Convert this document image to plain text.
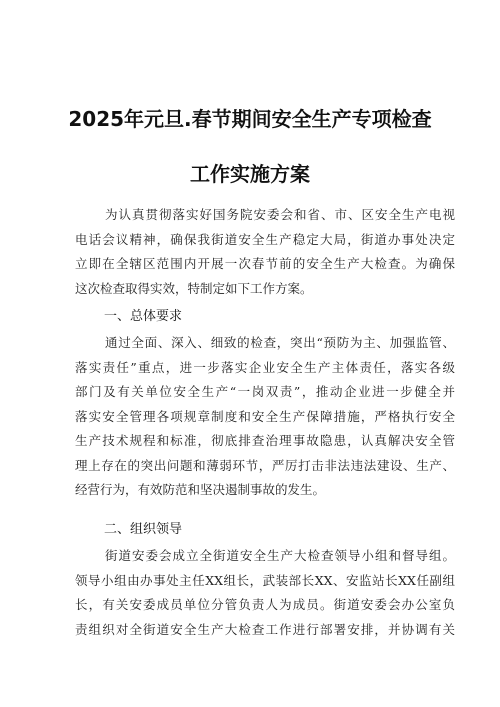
2025年元旦.春节期间安全生产专项检查
工作实施方案
为认真贯彻落实好国务院安委会和省、市、区安全生产电视
电话会议精神，确保我街道安全生产稳定大局，街道办事处决定
立即在全辖区范围内开展一次春节前的安全生产大检查。为确保
这次检查取得实效，特制定如下工作方案。
一、总体要求
通过全面、深入、细致的检查，突出“预防为主、加强监管、
落实责任”重点，进一步落实企业安全生产主体责任，落实各级
部门及有关单位安全生产“一岗双责”，推动企业进一步健全并
落实安全管理各项规章制度和安全生产保障措施，严格执行安全
生产技术规程和标准，彻底排查治理事故隐患，认真解决安全管
理上存在的突出问题和薄弱环节，严厉打击非法违法建设、生产、
经营行为，有效防范和坚决遏制事故的发生。
二、组织领导
街道安委会成立全街道安全生产大检查领导小组和督导组。
领导小组由办事处主任XX组长，武装部长XX、安监站长XX任副组
长，有关安委成员单位分管负责人为成员。街道安委会办公室负
责组织对全街道安全生产大检查工作进行部署安排，并协调有关
